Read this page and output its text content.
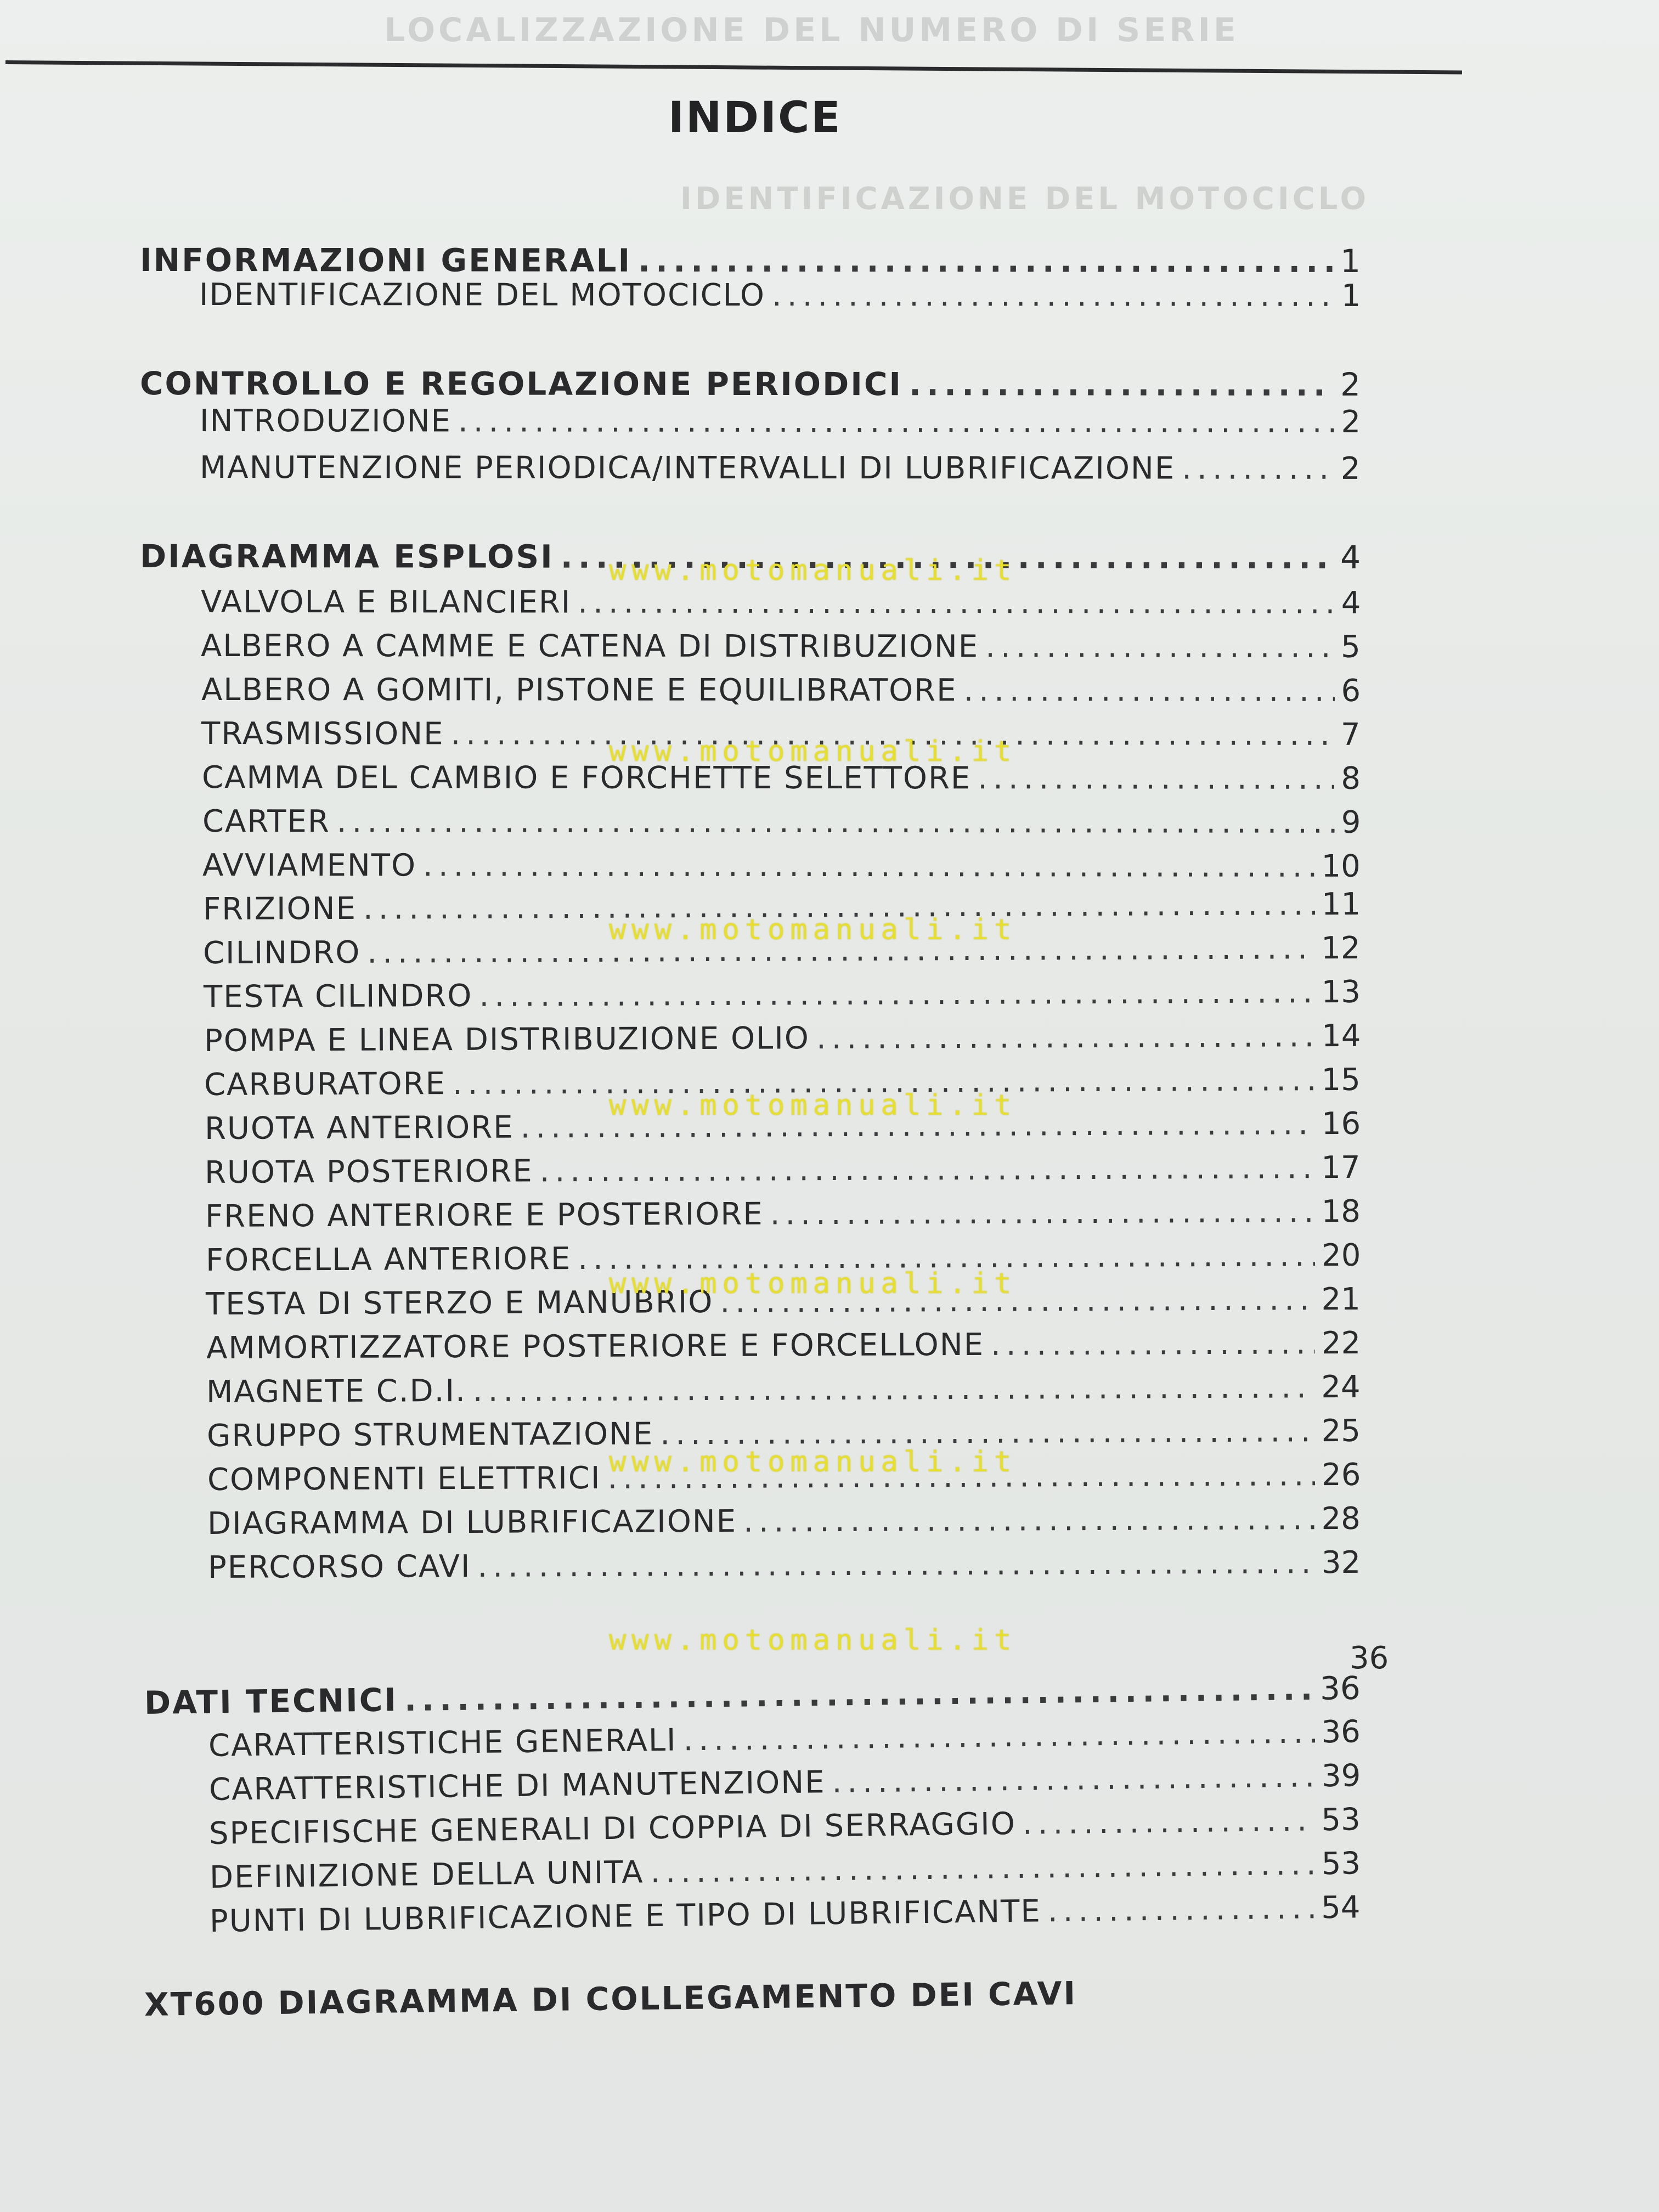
LOCALIZZAZIONE DEL NUMERO DI SERIE
IDENTIFICAZIONE DEL MOTOCICLO
INDICE
INFORMAZIONI GENERALI .....	1
IDENTIFICAZIONE DEL MOTOCICLO .....	1
CONTROLLO E REGOLAZIONE PERIODICI .....	2
INTRODUZIONE .....	2
MANUTENZIONE PERIODICA/INTERVALLI DI LUBRIFICAZIONE .....	2
DIAGRAMMA ESPLOSI .....	4
VALVOLA E BILANCIERI .....	4
ALBERO A CAMME E CATENA DI DISTRIBUZIONE .....	5
ALBERO A GOMITI, PISTONE E EQUILIBRATORE .....	6
TRASMISSIONE .....	7
CAMMA DEL CAMBIO E FORCHETTE SELETTORE .....	8
CARTER .....	9
AVVIAMENTO .....	10
FRIZIONE .....	11
CILINDRO .....	12
TESTA CILINDRO .....	13
POMPA E LINEA DISTRIBUZIONE OLIO .....	14
CARBURATORE .....	15
RUOTA ANTERIORE .....	16
RUOTA POSTERIORE .....	17
FRENO ANTERIORE E POSTERIORE .....	18
FORCELLA ANTERIORE .....	20
TESTA DI STERZO E MANUBRIO .....	21
AMMORTIZZATORE POSTERIORE E FORCELLONE .....	22
MAGNETE C.D.I. .....	24
GRUPPO STRUMENTAZIONE .....	25
COMPONENTI ELETTRICI .....	26
DIAGRAMMA DI LUBRIFICAZIONE .....	28
PERCORSO CAVI .....	32
DATI TECNICI .....	36
CARATTERISTICHE GENERALI .....	36
CARATTERISTICHE DI MANUTENZIONE .....	39
SPECIFISCHE GENERALI DI COPPIA DI SERRAGGIO .....	53
DEFINIZIONE DELLA UNITA .....	53
PUNTI DI LUBRIFICAZIONE E TIPO DI LUBRIFICANTE .....	54
XT600 DIAGRAMMA DI COLLEGAMENTO DEI CAVI
www.motomanuali.it
www.motomanuali.it
www.motomanuali.it
www.motomanuali.it
www.motomanuali.it
www.motomanuali.it
www.motomanuali.it	36
